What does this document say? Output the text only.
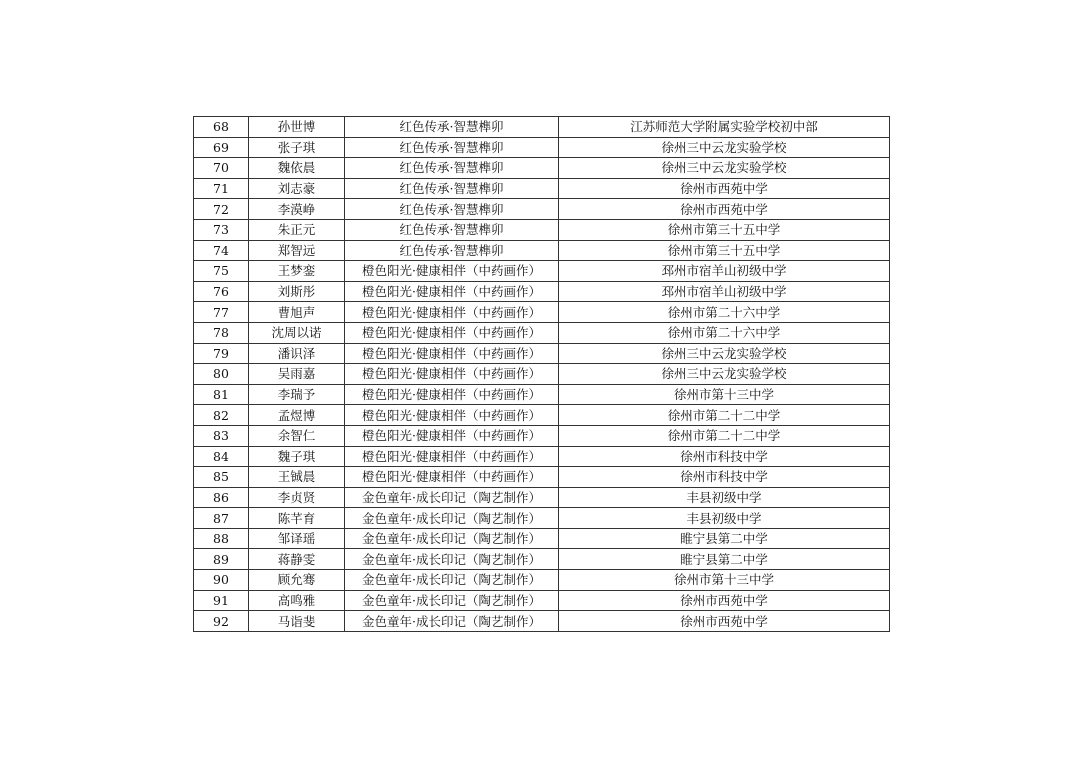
68	孙世博	红色传承·智慧榫卯	江苏师范大学附属实验学校初中部
69	张子琪	红色传承·智慧榫卯	徐州三中云龙实验学校
70	魏依晨	红色传承·智慧榫卯	徐州三中云龙实验学校
71	刘志豪	红色传承·智慧榫卯	徐州市西苑中学
72	李漠峥	红色传承·智慧榫卯	徐州市西苑中学
73	朱正元	红色传承·智慧榫卯	徐州市第三十五中学
74	郑智远	红色传承·智慧榫卯	徐州市第三十五中学
75	王梦銮	橙色阳光·健康相伴（中药画作）	邳州市宿羊山初级中学
76	刘斯彤	橙色阳光·健康相伴（中药画作）	邳州市宿羊山初级中学
77	曹旭声	橙色阳光·健康相伴（中药画作）	徐州市第二十六中学
78	沈周以诺	橙色阳光·健康相伴（中药画作）	徐州市第二十六中学
79	潘识泽	橙色阳光·健康相伴（中药画作）	徐州三中云龙实验学校
80	吴雨嘉	橙色阳光·健康相伴（中药画作）	徐州三中云龙实验学校
81	李瑞予	橙色阳光·健康相伴（中药画作）	徐州市第十三中学
82	孟煜博	橙色阳光·健康相伴（中药画作）	徐州市第二十二中学
83	余智仁	橙色阳光·健康相伴（中药画作）	徐州市第二十二中学
84	魏子琪	橙色阳光·健康相伴（中药画作）	徐州市科技中学
85	王铖晨	橙色阳光·健康相伴（中药画作）	徐州市科技中学
86	李贞贤	金色童年·成长印记（陶艺制作）	丰县初级中学
87	陈芊育	金色童年·成长印记（陶艺制作）	丰县初级中学
88	邹译瑶	金色童年·成长印记（陶艺制作）	睢宁县第二中学
89	蒋静雯	金色童年·成长印记（陶艺制作）	睢宁县第二中学
90	顾允骞	金色童年·成长印记（陶艺制作）	徐州市第十三中学
91	高鸣雅	金色童年·成长印记（陶艺制作）	徐州市西苑中学
92	马诣斐	金色童年·成长印记（陶艺制作）	徐州市西苑中学
